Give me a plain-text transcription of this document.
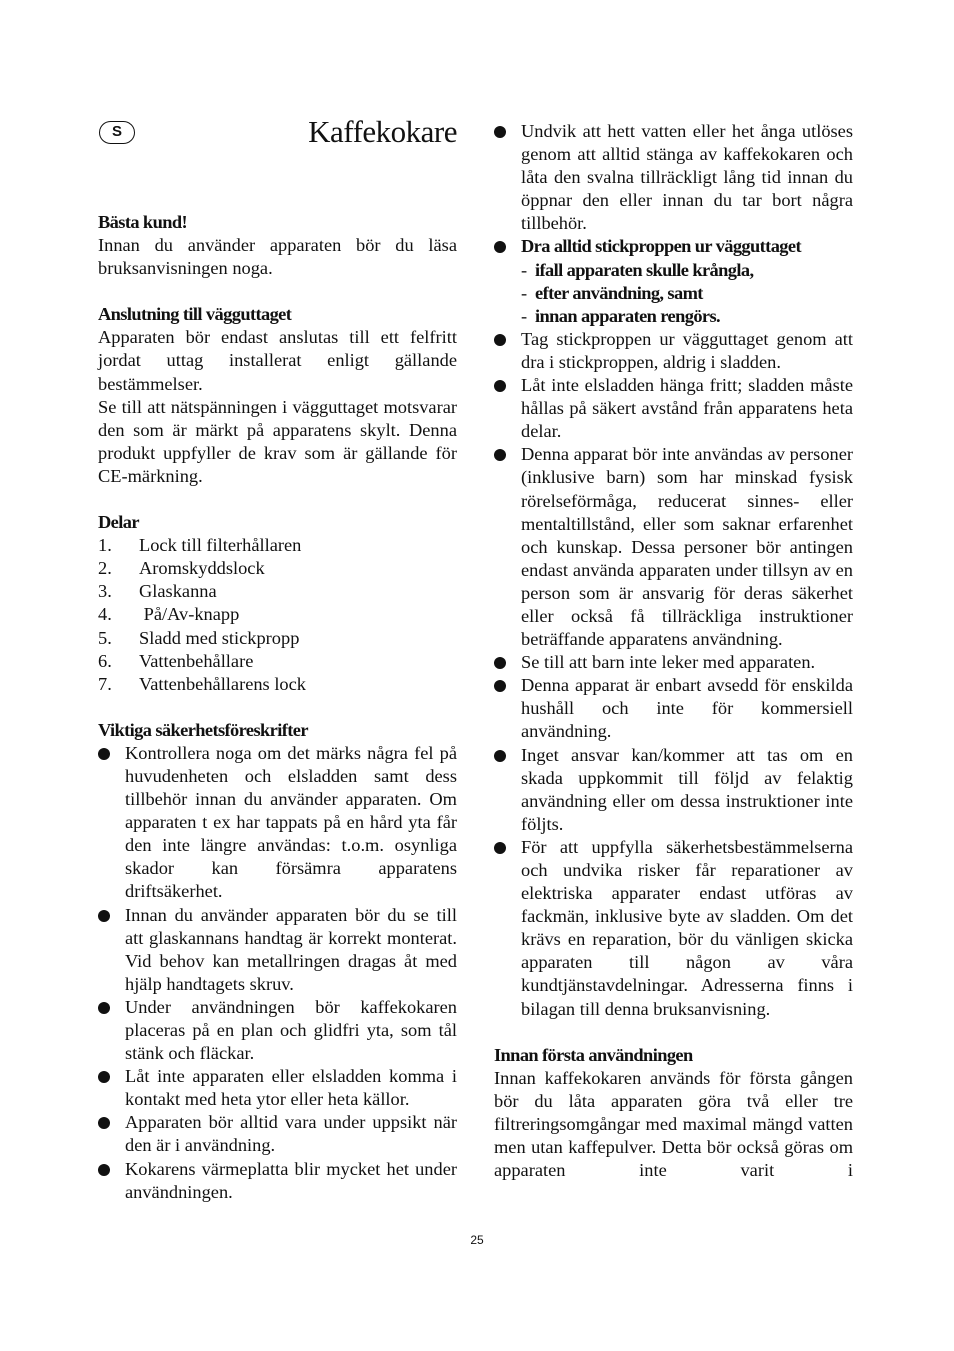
S	Kaffekokare
Bästa kund!
Innan du använder apparaten bör du läsa bruksanvisningen noga.
Anslutning till vägguttaget
Apparaten bör endast anslutas till ett felfritt jordat uttag installerat enligt gällande bestämmelser.
Se till att nätspänningen i vägguttaget motsvarar den som är märkt på apparatens skylt. Denna produkt uppfyller de krav som är gällande för CE-märkning.
Delar
1.	Lock till filterhållaren
2.	Aromskyddslock
3.	Glaskanna
4.	På/Av-knapp
5.	Sladd med stickpropp
6.	Vattenbehållare
7.	Vattenbehållarens lock
Viktiga säkerhetsföreskrifter
Kontrollera noga om det märks några fel på huvudenheten och elsladden samt dess tillbehör innan du använder apparaten. Om apparaten t ex har tappats på en hård yta får den inte längre användas: t.o.m. osynliga skador kan försämra apparatens driftsäkerhet.
Innan du använder apparaten bör du se till att glaskannans handtag är korrekt monterat. Vid behov kan metallringen dragas åt med hjälp handtagets skruv.
Under användningen bör kaffekokaren placeras på en plan och glidfri yta, som tål stänk och fläckar.
Låt inte apparaten eller elsladden komma i kontakt med heta ytor eller heta källor.
Apparaten bör alltid vara under uppsikt när den är i användning.
Kokarens värmeplatta blir mycket het under användningen.
Undvik att hett vatten eller het ånga utlöses genom att alltid stänga av kaffekokaren och låta den svalna tillräckligt lång tid innan du öppnar den eller innan du tar bort några tillbehör.
Dra alltid stickproppen ur vägguttaget
- ifall apparaten skulle krångla,
- efter användning, samt
- innan apparaten rengörs.
Tag stickproppen ur vägguttaget genom att dra i stickproppen, aldrig i sladden.
Låt inte elsladden hänga fritt; sladden måste hållas på säkert avstånd från apparatens heta delar.
Denna apparat bör inte användas av personer (inklusive barn) som har minskad fysisk rörelseförmåga, reducerat sinnes- eller mentaltillstånd, eller som saknar erfarenhet och kunskap. Dessa personer bör antingen endast använda apparaten under tillsyn av en person som är ansvarig för deras säkerhet eller också få tillräckliga instruktioner beträffande apparatens användning.
Se till att barn inte leker med apparaten.
Denna apparat är enbart avsedd för enskilda hushåll och inte för kommersiell användning.
Inget ansvar kan/kommer att tas om en skada uppkommit till följd av felaktig användning eller om dessa instruktioner inte följts.
För att uppfylla säkerhetsbestämmelserna och undvika risker får reparationer av elektriska apparater endast utföras av fackmän, inklusive byte av sladden. Om det krävs en reparation, bör du vänligen skicka apparaten till någon av våra kundtjänstavdelningar. Adresserna finns i bilagan till denna bruksanvisning.
Innan första användningen
Innan kaffekokaren används för första gången bör du låta apparaten göra två eller tre filtreringsomgångar med maximal mängd vatten men utan kaffepulver. Detta bör också göras om apparaten inte varit i
25
